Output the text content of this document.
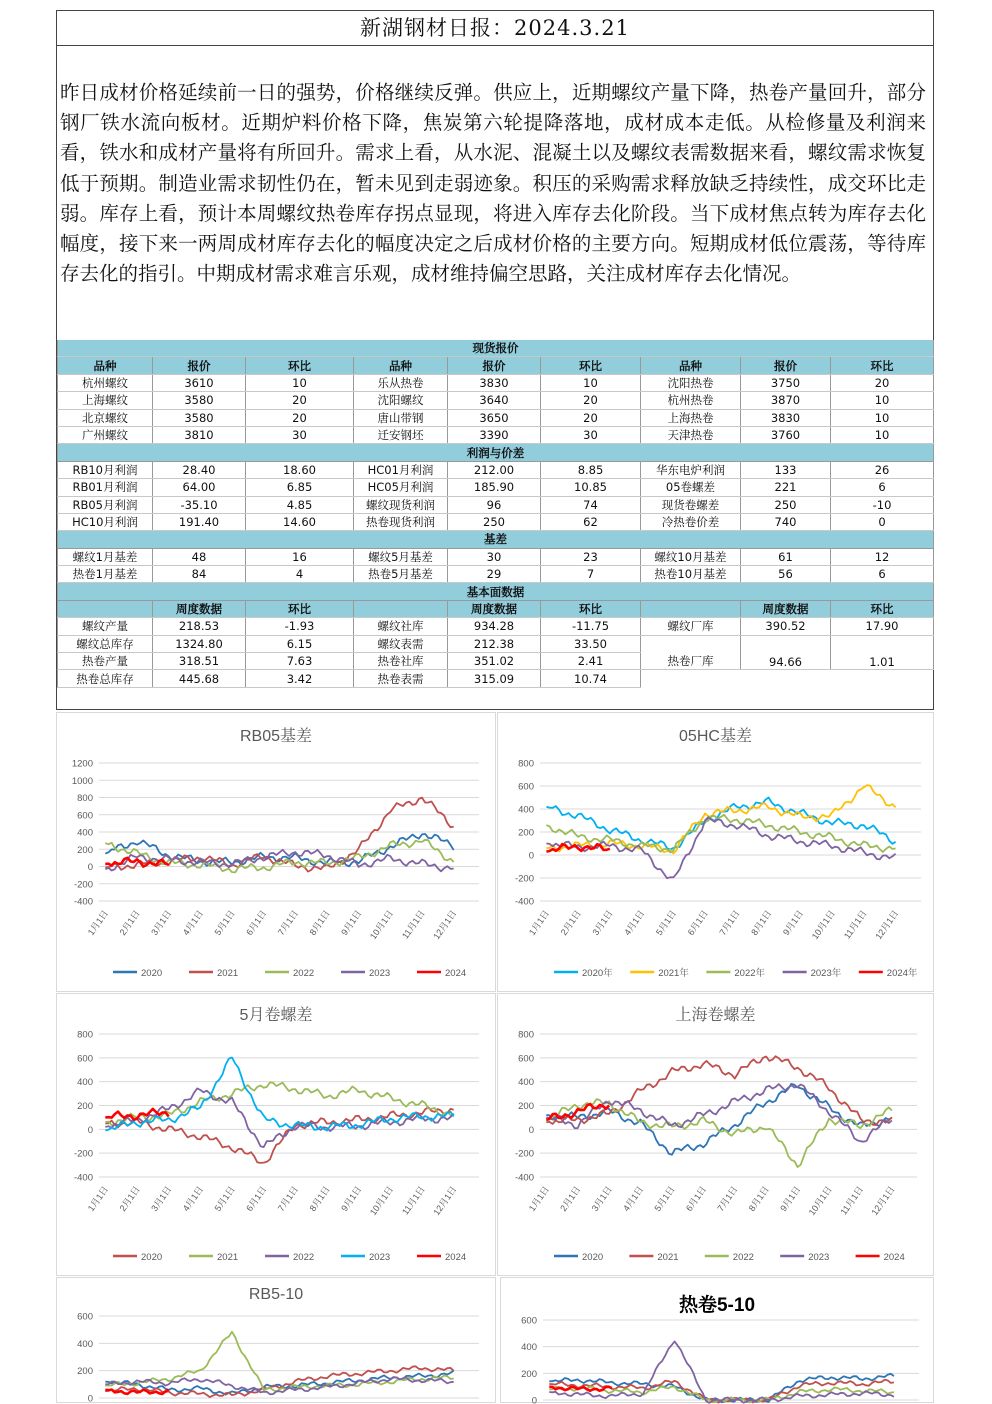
新湖钢材日报：2024.3.21
昨日成材价格延续前一日的强势，价格继续反弹。供应上，近期螺纹产量下降，热卷产量回升，部分钢厂铁水流向板材。近期炉料价格下降，焦炭第六轮提降落地，成材成本走低。从检修量及利润来看，铁水和成材产量将有所回升。需求上看，从水泥、混凝土以及螺纹表需数据来看，螺纹需求恢复低于预期。制造业需求韧性仍在，暂未见到走弱迹象。积压的采购需求释放缺乏持续性，成交环比走弱。库存上看，预计本周螺纹热卷库存拐点显现，将进入库存去化阶段。当下成材焦点转为库存去化幅度，接下来一两周成材库存去化的幅度决定之后成材价格的主要方向。短期成材低位震荡，等待库存去化的指引。中期成材需求难言乐观，成材维持偏空思路，关注成材库存去化情况。
现货报价								
品种	报价	环比	品种	报价	环比	品种	报价	环比
杭州螺纹	3610	10	乐从热卷	3830	10	沈阳热卷	3750	20
上海螺纹	3580	20	沈阳螺纹	3640	20	杭州热卷	3870	10
北京螺纹	3580	20	唐山带钢	3650	20	上海热卷	3830	10
广州螺纹	3810	30	迁安钢坯	3390	30	天津热卷	3760	10
利润与价差								
RB10月利润	28.40	18.60	HC01月利润	212.00	8.85	华东电炉利润	133	26
RB01月利润	64.00	6.85	HC05月利润	185.90	10.85	05卷螺差	221	6
RB05月利润	-35.10	4.85	螺纹现货利润	96	74	现货卷螺差	250	-10
HC10月利润	191.40	14.60	热卷现货利润	250	62	冷热卷价差	740	0
基差								
螺纹1月基差	48	16	螺纹5月基差	30	23	螺纹10月基差	61	12
热卷1月基差	84	4	热卷5月基差	29	7	热卷10月基差	56	6
基本面数据								
	周度数据	环比		周度数据	环比		周度数据	环比
螺纹产量	218.53	-1.93	螺纹社库	934.28	-11.75	螺纹厂库	390.52	17.90
螺纹总库存	1324.80	6.15	螺纹表需	212.38	33.50	热卷厂库	94.66	1.01
热卷产量	318.51	7.63	热卷社库	351.02	2.41			
热卷总库存	445.68	3.42	热卷表需	315.09	10.74			
RB05基差
1200
1000
800
600
400
200
0
-200
-400
1月1日 2月1日 3月1日 4月1日 5月1日 6月1日 7月1日 8月1日 9月1日 10月1日 11月1日 12月1日
2020	2021	2022	2023	2024
05HC基差
800
600
400
200
0
-200
-400
1月1日 2月1日 3月1日 4月1日 5月1日 6月1日 7月1日 8月1日 9月1日 10月1日 11月1日 12月1日
2020年	2021年	2022年	2023年	2024年
5月卷螺差
800
600
400
200
0
-200
-400
1月1日 2月1日 3月1日 4月1日 5月1日 6月1日 7月1日 8月1日 9月1日 10月1日 11月1日 12月1日
2020	2021	2022	2023	2024
上海卷螺差
800
600
400
200
0
-200
-400
1月1日 2月1日 3月1日 4月1日 5月1日 6月1日 7月1日 8月1日 9月1日 10月1日 11月1日 12月1日
2020	2021	2022	2023	2024
RB5-10
600
400
200
0
热卷5-10
600
400
200
0
